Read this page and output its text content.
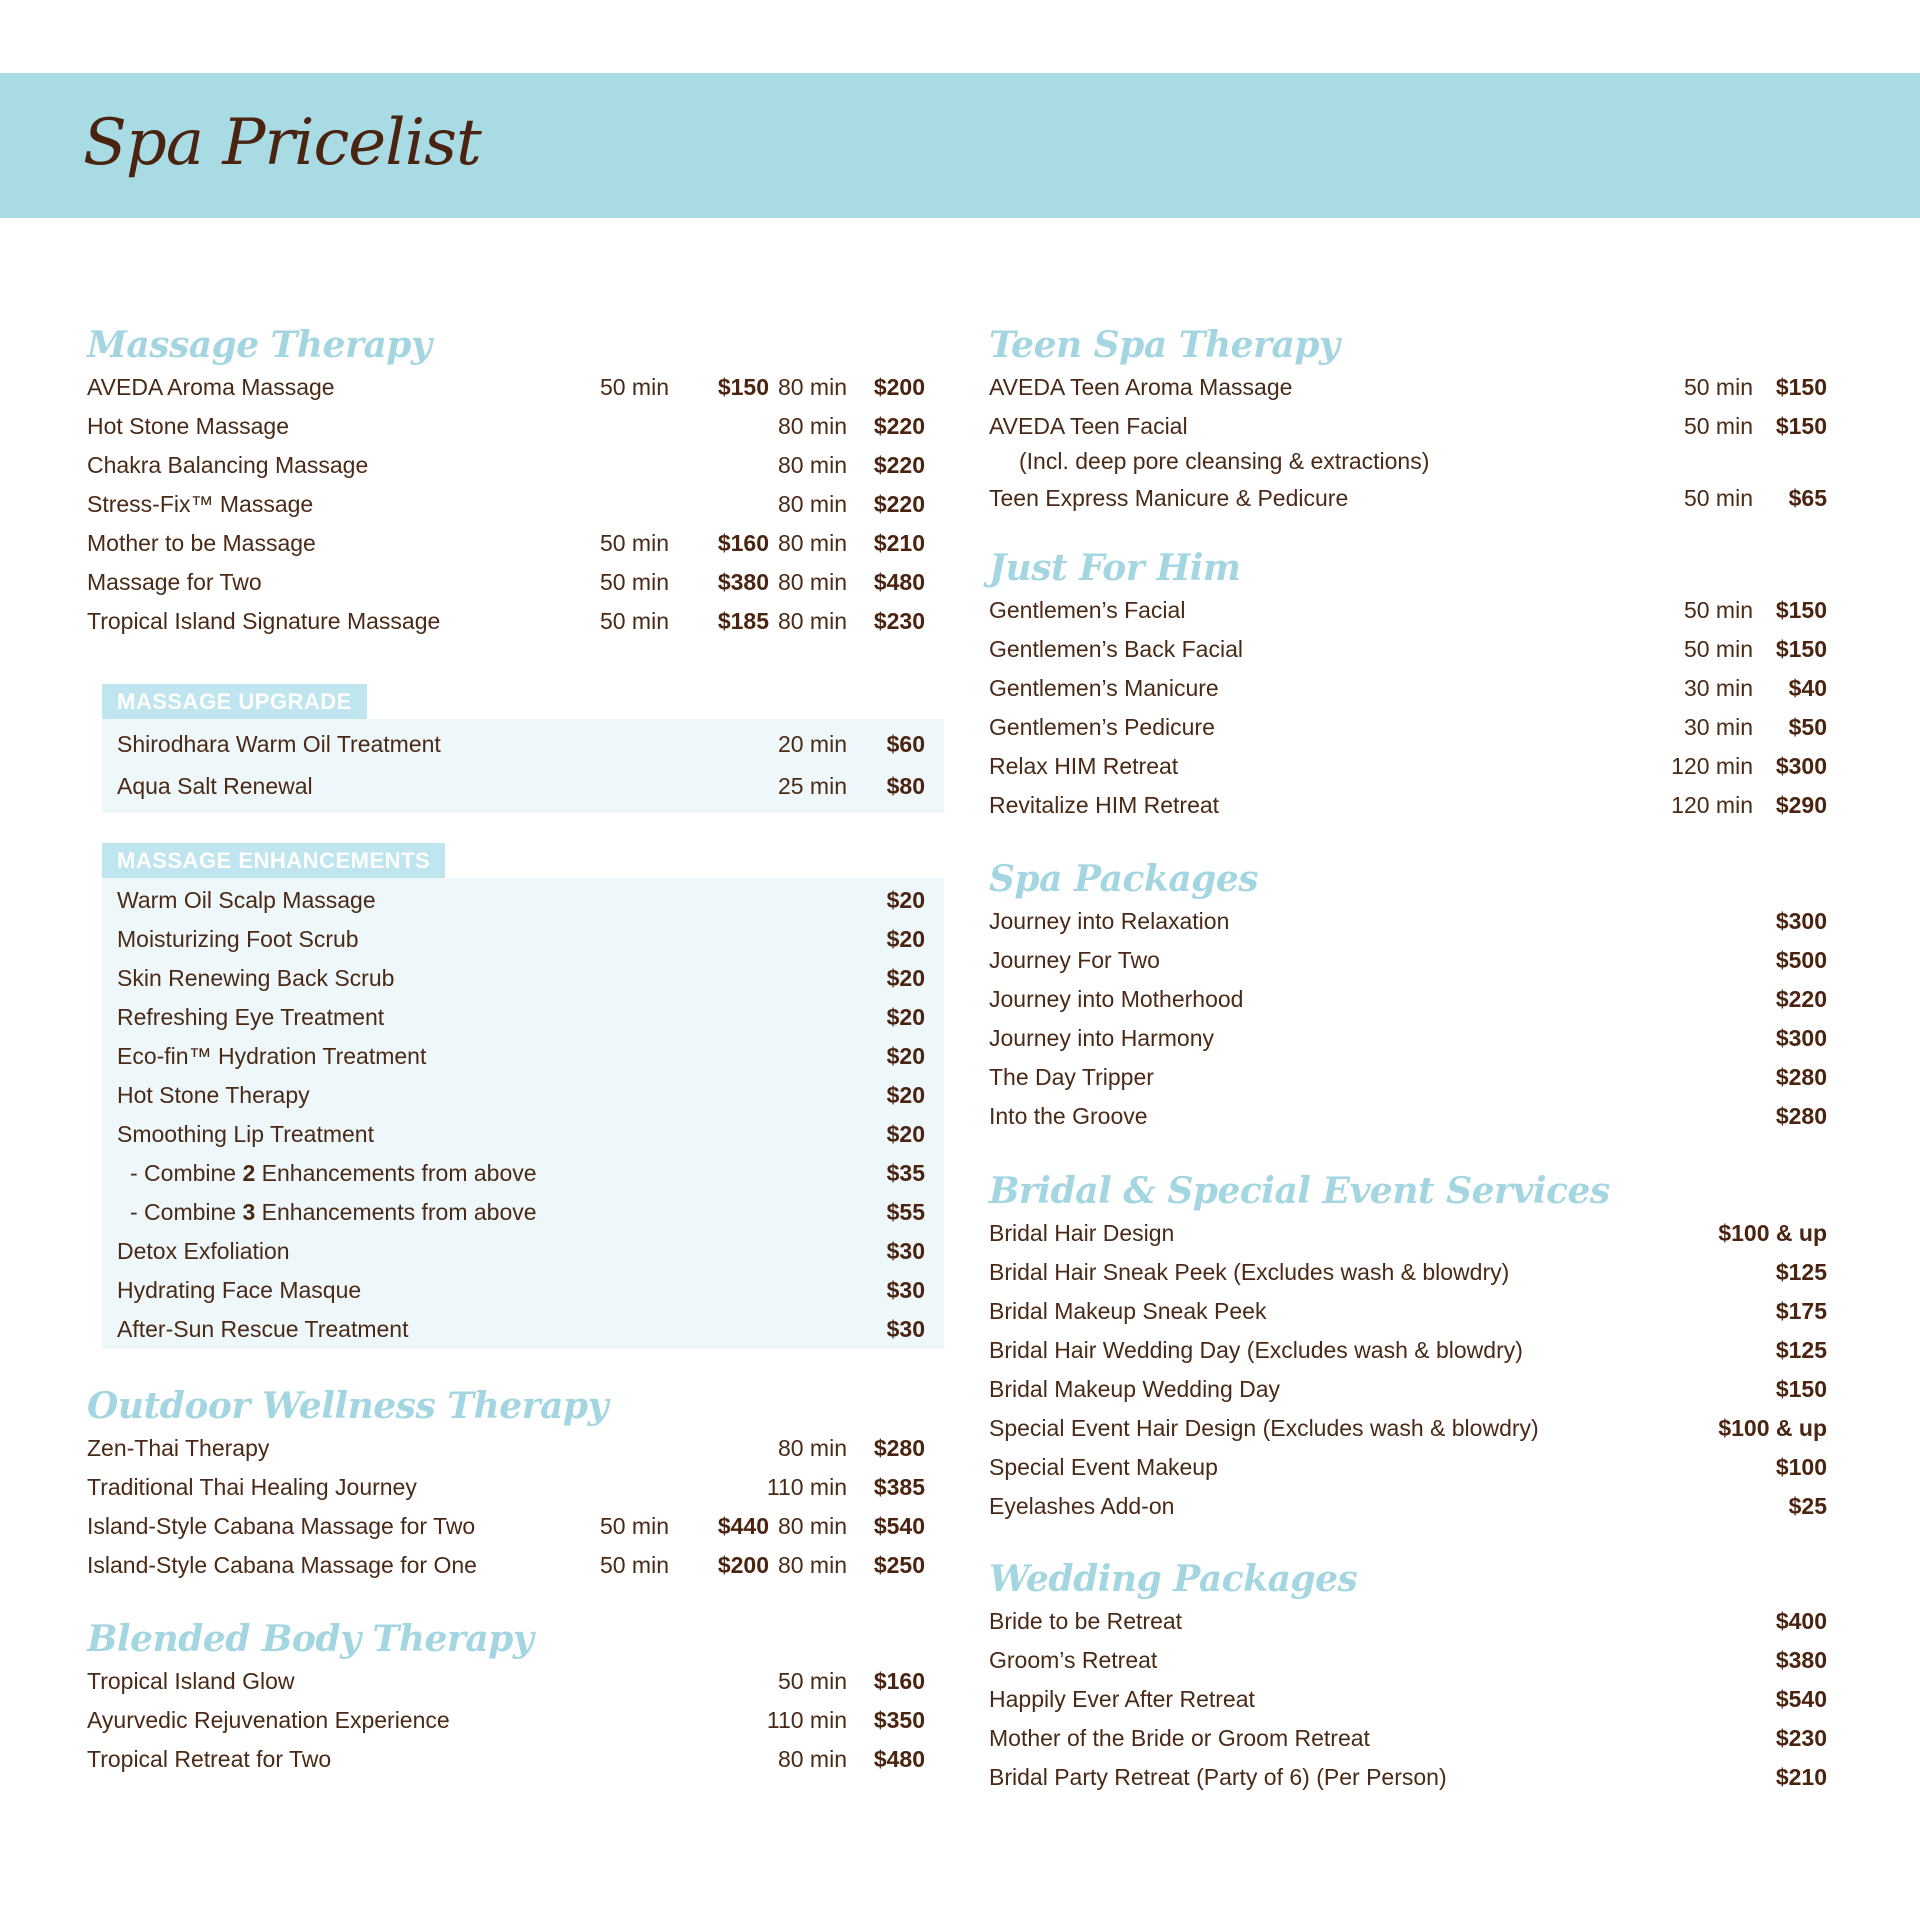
Spa Pricelist
Massage Therapy
AVEDA Aroma Massage	50 min	$150 80 min	$200
Hot Stone Massage	80 min	$220
Chakra Balancing Massage	80 min	$220
Stress-Fix™ Massage	80 min	$220
Mother to be Massage	50 min	$160 80 min	$210
Massage for Two	50 min	$380 80 min	$480
Tropical Island Signature Massage	50 min	$185 80 min	$230
MASSAGE UPGRADE
Shirodhara Warm Oil Treatment	20 min	$60
Aqua Salt Renewal	25 min	$80
MASSAGE ENHANCEMENTS
Warm Oil Scalp Massage	$20
Moisturizing Foot Scrub	$20
Skin Renewing Back Scrub	$20
Refreshing Eye Treatment	$20
Eco-fin™ Hydration Treatment	$20
Hot Stone Therapy	$20
Smoothing Lip Treatment	$20
- Combine 2 Enhancements from above	$35
- Combine 3 Enhancements from above	$55
Detox Exfoliation	$30
Hydrating Face Masque	$30
After-Sun Rescue Treatment	$30
Outdoor Wellness Therapy
Zen-Thai Therapy	80 min	$280
Traditional Thai Healing Journey	110 min	$385
Island-Style Cabana Massage for Two	50 min	$440 80 min	$540
Island-Style Cabana Massage for One	50 min	$200 80 min	$250
Blended Body Therapy
Tropical Island Glow	50 min	$160
Ayurvedic Rejuvenation Experience	110 min	$350
Tropical Retreat for Two	80 min	$480
Teen Spa Therapy
AVEDA Teen Aroma Massage	50 min $150
AVEDA Teen Facial	50 min $150
(Incl. deep pore cleansing & extractions)
Teen Express Manicure & Pedicure	50 min	$65
Just For Him
Gentlemen’s Facial	50 min $150
Gentlemen’s Back Facial	50 min $150
Gentlemen’s Manicure	30 min	$40
Gentlemen’s Pedicure	30 min	$50
Relax HIM Retreat	120 min $300
Revitalize HIM Retreat	120 min $290
Spa Packages
Journey into Relaxation	$300
Journey For Two	$500
Journey into Motherhood	$220
Journey into Harmony	$300
The Day Tripper	$280
Into the Groove	$280
Bridal & Special Event Services
Bridal Hair Design	$100 & up
Bridal Hair Sneak Peek (Excludes wash & blowdry)	$125
Bridal Makeup Sneak Peek	$175
Bridal Hair Wedding Day (Excludes wash & blowdry)	$125
Bridal Makeup Wedding Day	$150
Special Event Hair Design (Excludes wash & blowdry)	$100 & up
Special Event Makeup	$100
Eyelashes Add-on	$25
Wedding Packages
Bride to be Retreat	$400
Groom’s Retreat	$380
Happily Ever After Retreat	$540
Mother of the Bride or Groom Retreat	$230
Bridal Party Retreat (Party of 6) (Per Person)	$210
